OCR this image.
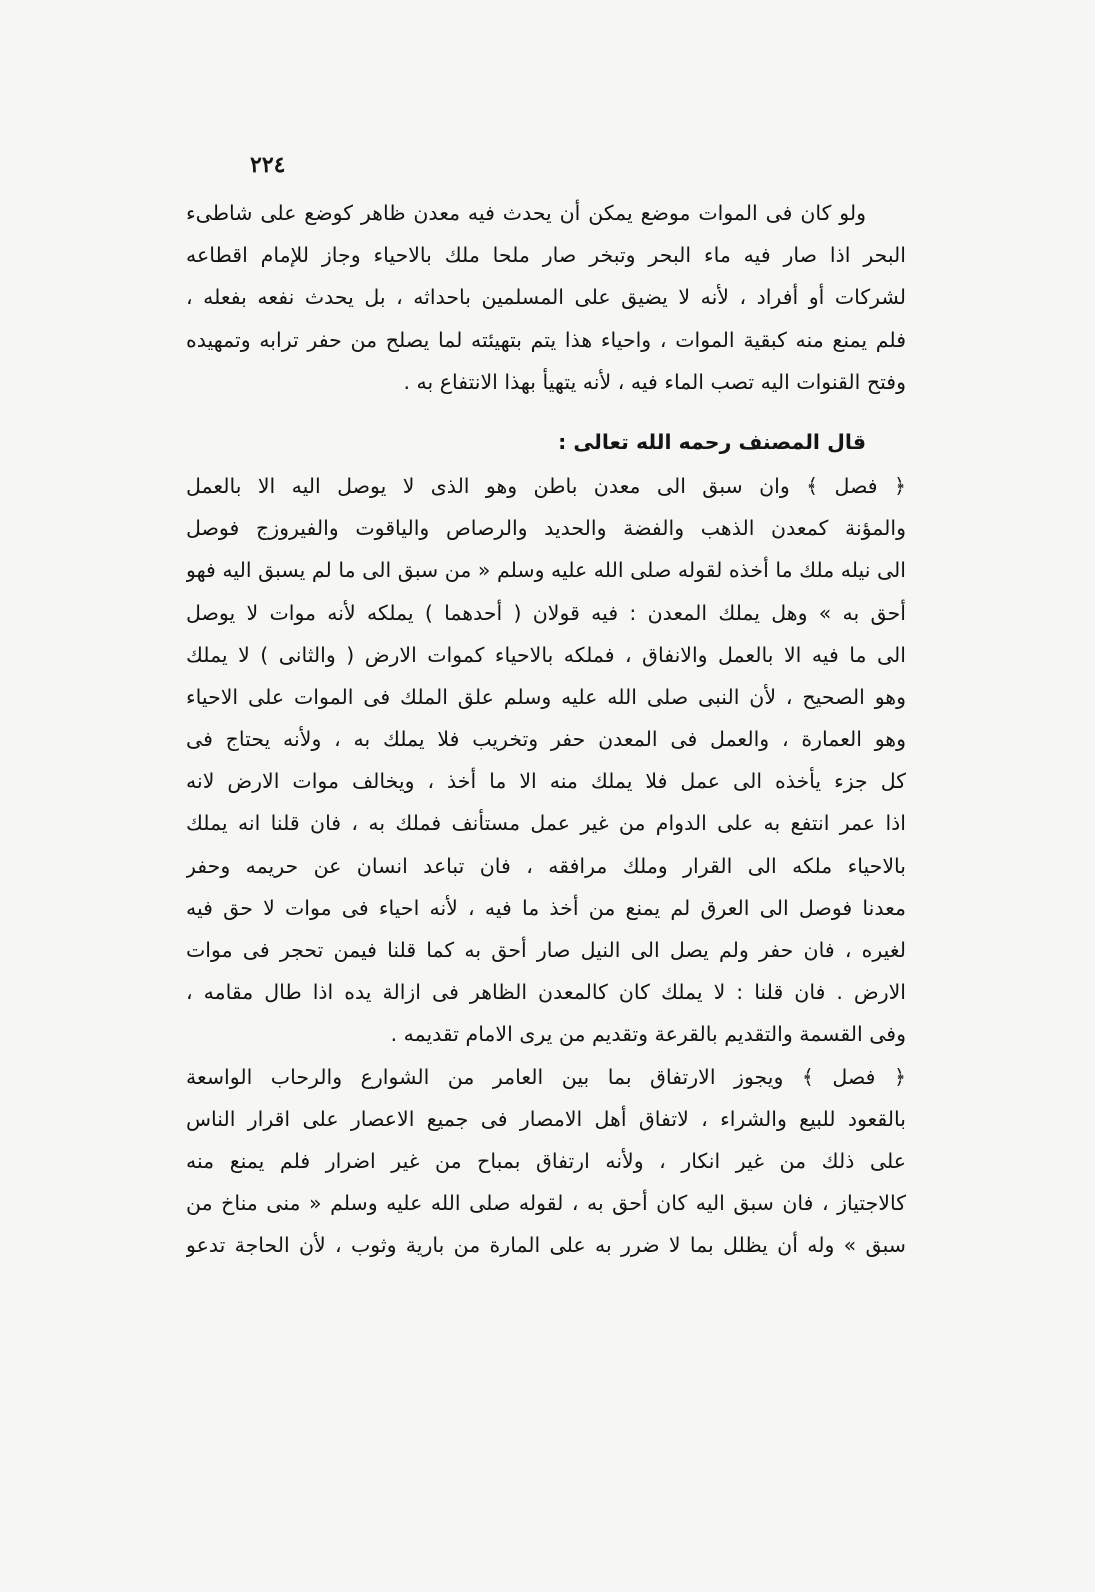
٢٢٤
ولو كان فى الموات موضع يمكن أن يحدث فيه معدن ظاهر كوضع على شاطىء
البحر اذا صار فيه ماء البحر وتبخر صار ملحا ملك بالاحياء وجاز للإمام اقطاعه
لشركات أو أفراد ، لأنه لا يضيق على المسلمين باحداثه ، بل يحدث نفعه بفعله ،
فلم يمنع منه كبقية الموات ، واحياء هذا يتم بتهيئته لما يصلح من حفر ترابه وتمهيده
وفتح القنوات اليه تصب الماء فيه ، لأنه يتهيأ بهذا الانتفاع به .
قال المصنف رحمه الله تعالى :
﴿ فصل ﴾ وان سبق الى معدن باطن وهو الذى لا يوصل اليه الا بالعمل
والمؤنة كمعدن الذهب والفضة والحديد والرصاص والياقوت والفيروزج فوصل
الى نيله ملك ما أخذه لقوله صلى الله عليه وسلم « من سبق الى ما لم يسبق اليه فهو
أحق به » وهل يملك المعدن : فيه قولان ( أحدهما ) يملكه لأنه موات لا يوصل
الى ما فيه الا بالعمل والانفاق ، فملكه بالاحياء كموات الارض ( والثانى ) لا يملك
وهو الصحيح ، لأن النبى صلى الله عليه وسلم علق الملك فى الموات على الاحياء
وهو العمارة ، والعمل فى المعدن حفر وتخريب فلا يملك به ، ولأنه يحتاج فى
كل جزء يأخذه الى عمل فلا يملك منه الا ما أخذ ، ويخالف موات الارض لانه
اذا عمر انتفع به على الدوام من غير عمل مستأنف فملك به ، فان قلنا انه يملك
بالاحياء ملكه الى القرار وملك مرافقه ، فان تباعد انسان عن حريمه وحفر
معدنا فوصل الى العرق لم يمنع من أخذ ما فيه ، لأنه احياء فى موات لا حق فيه
لغيره ، فان حفر ولم يصل الى النيل صار أحق به كما قلنا فيمن تحجر فى موات
الارض . فان قلنا : لا يملك كان كالمعدن الظاهر فى ازالة يده اذا طال مقامه ،
وفى القسمة والتقديم بالقرعة وتقديم من يرى الامام تقديمه .
﴿ فصل ﴾ ويجوز الارتفاق بما بين العامر من الشوارع والرحاب الواسعة
بالقعود للبيع والشراء ، لاتفاق أهل الامصار فى جميع الاعصار على اقرار الناس
على ذلك من غير انكار ، ولأنه ارتفاق بمباح من غير اضرار فلم يمنع منه
كالاجتياز ، فان سبق اليه كان أحق به ، لقوله صلى الله عليه وسلم « منى مناخ من
سبق » وله أن يظلل بما لا ضرر به على المارة من بارية وثوب ، لأن الحاجة تدعو
